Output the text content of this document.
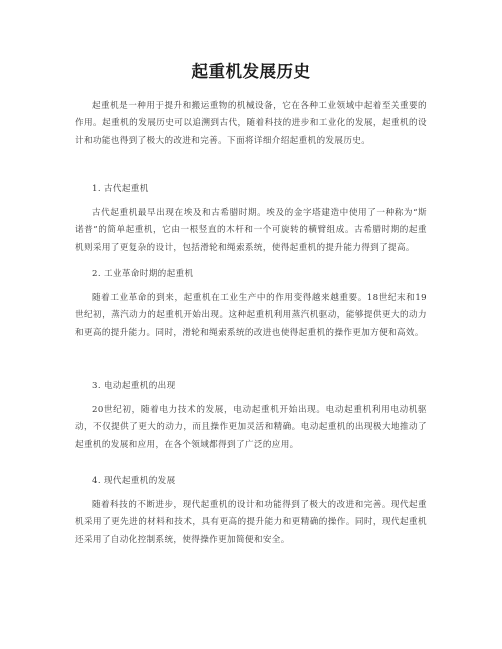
起重机发展历史

起重机是一种用于提升和搬运重物的机械设备，它在各种工业领域中起着至关重要的作用。起重机的发展历史可以追溯到古代，随着科技的进步和工业化的发展，起重机的设计和功能也得到了极大的改进和完善。下面将详细介绍起重机的发展历史。

1. 古代起重机

古代起重机最早出现在埃及和古希腊时期。埃及的金字塔建造中使用了一种称为“斯诺普”的简单起重机，它由一根竖直的木杆和一个可旋转的横臂组成。古希腊时期的起重机则采用了更复杂的设计，包括滑轮和绳索系统，使得起重机的提升能力得到了提高。

2. 工业革命时期的起重机

随着工业革命的到来，起重机在工业生产中的作用变得越来越重要。18世纪末和19世纪初，蒸汽动力的起重机开始出现。这种起重机利用蒸汽机驱动，能够提供更大的动力和更高的提升能力。同时，滑轮和绳索系统的改进也使得起重机的操作更加方便和高效。

3. 电动起重机的出现

20世纪初，随着电力技术的发展，电动起重机开始出现。电动起重机利用电动机驱动，不仅提供了更大的动力，而且操作更加灵活和精确。电动起重机的出现极大地推动了起重机的发展和应用，在各个领域都得到了广泛的应用。

4. 现代起重机的发展

随着科技的不断进步，现代起重机的设计和功能得到了极大的改进和完善。现代起重机采用了更先进的材料和技术，具有更高的提升能力和更精确的操作。同时，现代起重机还采用了自动化控制系统，使得操作更加简便和安全。
